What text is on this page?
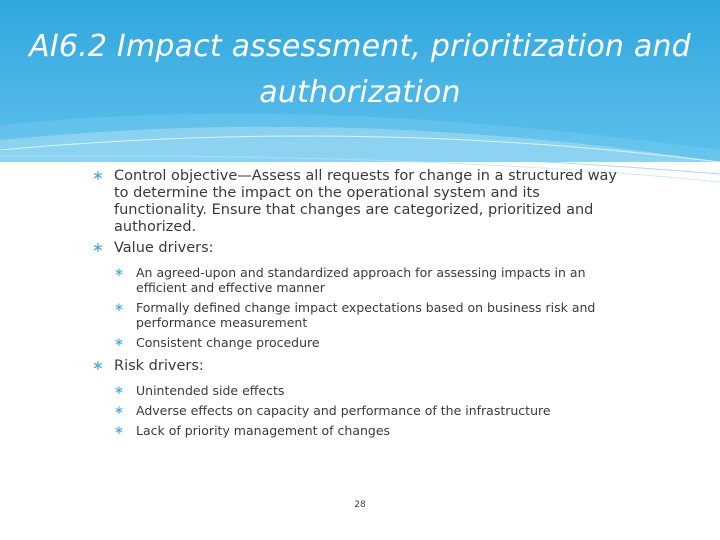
AI6.2 Impact assessment, prioritization and authorization
∗ Control objective—Assess all requests for change in a structured way to determine the impact on the operational system and its functionality. Ensure that changes are categorized, prioritized and authorized.
∗ Value drivers:
∗ An agreed-upon and standardized approach for assessing impacts in an efficient and effective manner
∗ Formally defined change impact expectations based on business risk and performance measurement
∗ Consistent change procedure
∗ Risk drivers:
∗ Unintended side effects
∗ Adverse effects on capacity and performance of the infrastructure
∗ Lack of priority management of changes
28
